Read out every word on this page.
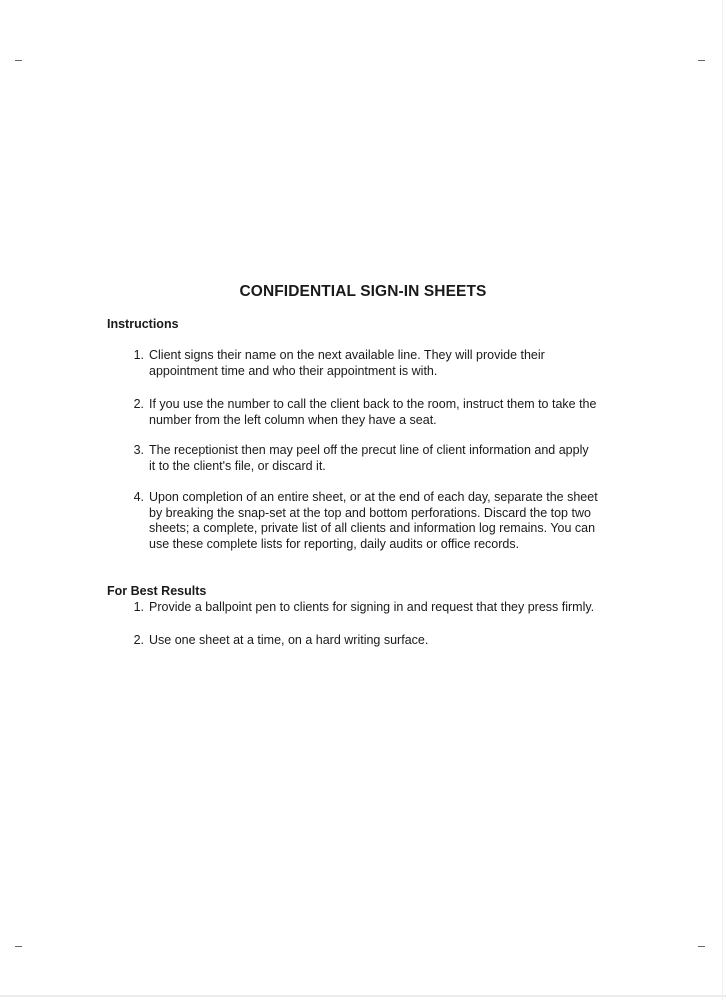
CONFIDENTIAL SIGN-IN SHEETS
Instructions
1. Client signs their name on the next available line. They will provide their appointment time and who their appointment is with.
2. If you use the number to call the client back to the room, instruct them to take the number from the left column when they have a seat.
3. The receptionist then may peel off the precut line of client information and apply it to the client's file, or discard it.
4. Upon completion of an entire sheet, or at the end of each day, separate the sheet by breaking the snap-set at the top and bottom perforations. Discard the top two sheets; a complete, private list of all clients and information log remains. You can use these complete lists for reporting, daily audits or office records.
For Best Results
1. Provide a ballpoint pen to clients for signing in and request that they press firmly.
2. Use one sheet at a time, on a hard writing surface.
